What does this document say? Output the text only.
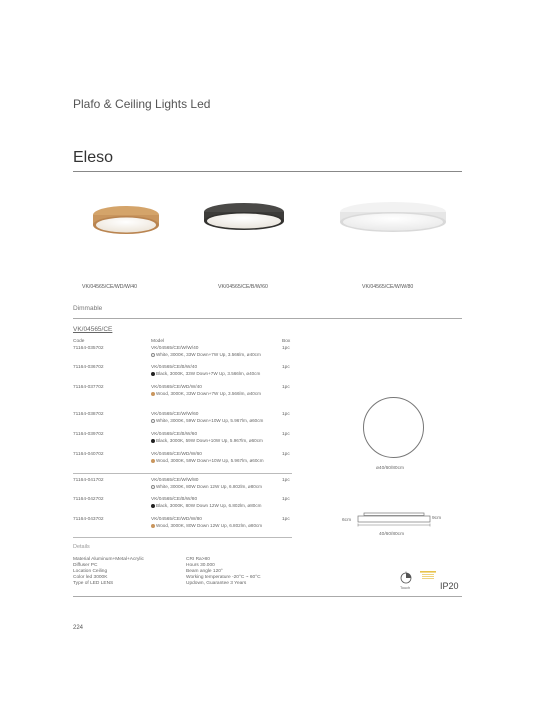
Plafo & Ceiling Lights Led
Eleso
VK/04565/CE/WD/W/40	VK/04565/CE/B/W/60	VK/04565/CE/W/W/80
Dimmable
VK/04565/CE
Code	Model	Box
71164-035702	VK/04565/CE/W/W/40
White, 3000K, 33W Down+7W Up, 3.566lm, ø40cm
1pc
71164-036702	VK/04565/CE/B/W/40
Black, 3000K, 33W Down+7W Up, 3.566lm, ø40cm
1pc
71164-037702	VK/04565/CE/WD/W/40
Wood, 3000K, 33W Down+7W Up, 3.566lm, ø40cm
1pc
71164-038702	VK/04565/CE/W/W/60
White, 3000K, 59W Down+10W Up, 5.967lm, ø60cm
1pc
71164-039702	VK/04565/CE/B/W/60
Black, 3000K, 59W Down+10W Up, 5.967lm, ø60cm
1pc
71164-040702	VK/04565/CE/WD/W/60
Wood, 3000K, 59W Down+10W Up, 5.967lm, ø60cm
1pc
71164-041702	VK/04565/CE/W/W/80
White, 3000K, 80W Down 12W Up, 6.802lm, ø80cm
1pc
71164-042702	VK/04565/CE/B/W/80
Black, 3000K, 80W Down 12W Up, 6.802lm, ø80cm
1pc
71164-043702	VK/04565/CE/WD/W/80
Wood, 3000K, 80W Down 12W Up, 6.802lm, ø80cm
1pc
Details
Material Aluminum+Metal+Acrylic
Diffuser PC
Location Ceiling
Color led 3000K
Type of LED LENS
CRI Ra>80
Hours 30.000
Beam angle 120°
Working temperature -20°C ~ 60°C
Updown, Guarantee 3 Years
ø40/60/80cm
6cm	9cm
40/60/80cm
Touch	IP20
224
